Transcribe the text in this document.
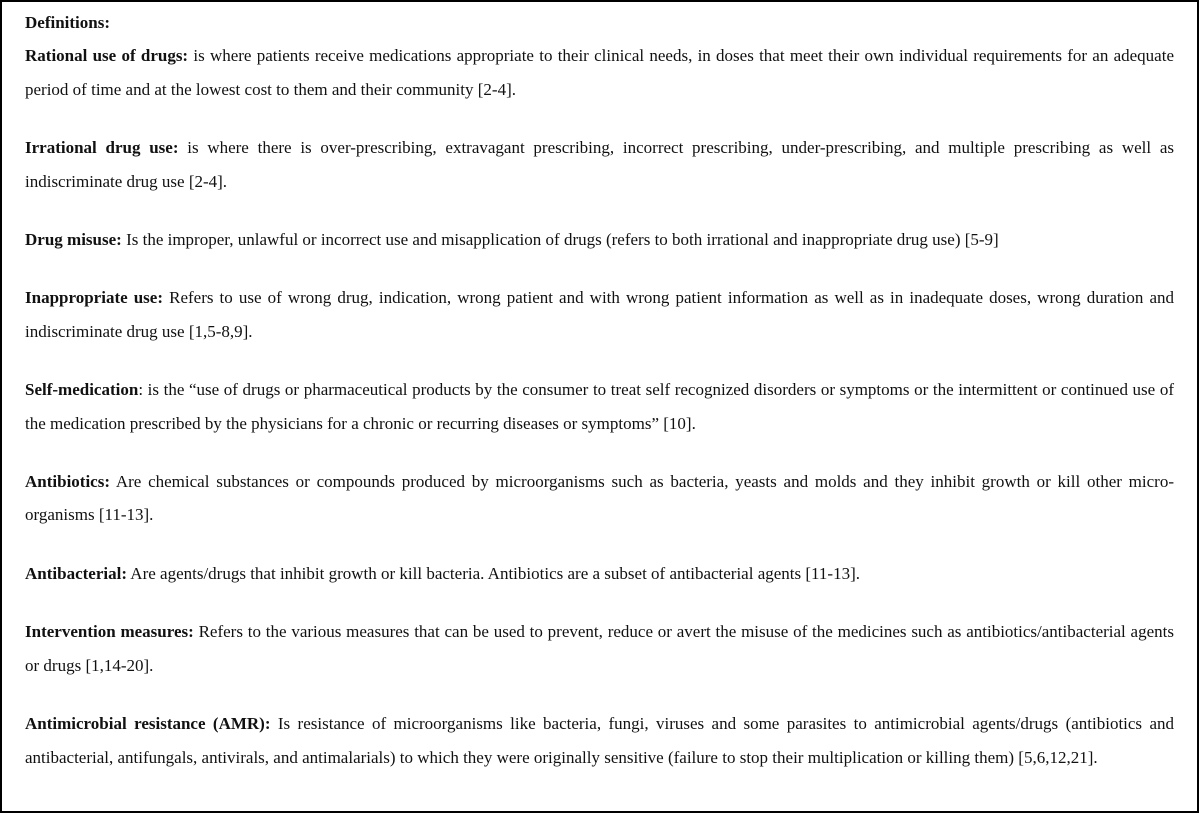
Definitions:

Rational use of drugs: is where patients receive medications appropriate to their clinical needs, in doses that meet their own individual requirements for an adequate period of time and at the lowest cost to them and their community [2-4].

Irrational drug use: is where there is over-prescribing, extravagant prescribing, incorrect prescribing, under-prescribing, and multiple prescribing as well as indiscriminate drug use [2-4].

Drug misuse: Is the improper, unlawful or incorrect use and misapplication of drugs (refers to both irrational and inappropriate drug use) [5-9]

Inappropriate use: Refers to use of wrong drug, indication, wrong patient and with wrong patient information as well as in inadequate doses, wrong duration and indiscriminate drug use [1,5-8,9].

Self-medication: is the “use of drugs or pharmaceutical products by the consumer to treat self recognized disorders or symptoms or the intermittent or continued use of the medication prescribed by the physicians for a chronic or recurring diseases or symptoms” [10].

Antibiotics: Are chemical substances or compounds produced by microorganisms such as bacteria, yeasts and molds and they inhibit growth or kill other micro-organisms [11-13].

Antibacterial: Are agents/drugs that inhibit growth or kill bacteria. Antibiotics are a subset of antibacterial agents [11-13].

Intervention measures: Refers to the various measures that can be used to prevent, reduce or avert the misuse of the medicines such as antibiotics/antibacterial agents or drugs [1,14-20].

Antimicrobial resistance (AMR): Is resistance of microorganisms like bacteria, fungi, viruses and some parasites to antimicrobial agents/drugs (antibiotics and antibacterial, antifungals, antivirals, and antimalarials) to which they were originally sensitive (failure to stop their multiplication or killing them) [5,6,12,21].
